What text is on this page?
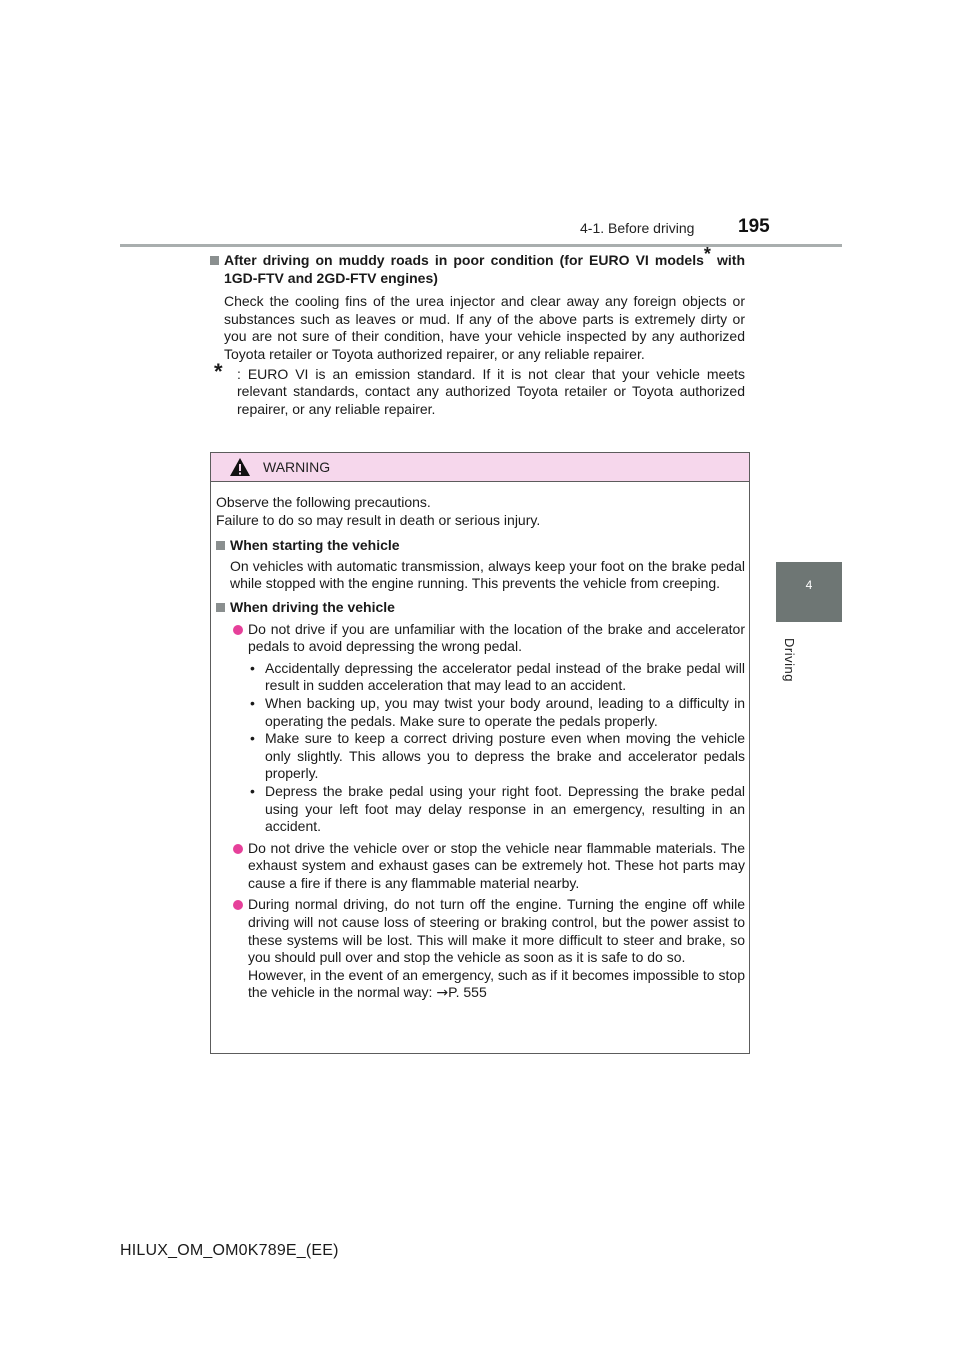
4-1. Before driving 195
4
Driving
After driving on muddy roads in poor condition (for EURO VI models* with 1GD-FTV and 2GD-FTV engines)
Check the cooling fins of the urea injector and clear away any foreign objects or substances such as leaves or mud. If any of the above parts is extremely dirty or you are not sure of their condition, have your vehicle inspected by any authorized Toyota retailer or Toyota authorized repairer, or any reliable repairer.
* : EURO VI is an emission standard. If it is not clear that your vehicle meets relevant standards, contact any authorized Toyota retailer or Toyota authorized repairer, or any reliable repairer.
WARNING
Observe the following precautions.
Failure to do so may result in death or serious injury.
When starting the vehicle
On vehicles with automatic transmission, always keep your foot on the brake pedal while stopped with the engine running. This prevents the vehicle from creeping.
When driving the vehicle
Do not drive if you are unfamiliar with the location of the brake and accelerator pedals to avoid depressing the wrong pedal.
• Accidentally depressing the accelerator pedal instead of the brake pedal will result in sudden acceleration that may lead to an accident.
• When backing up, you may twist your body around, leading to a difficulty in operating the pedals. Make sure to operate the pedals properly.
• Make sure to keep a correct driving posture even when moving the vehicle only slightly. This allows you to depress the brake and accelerator pedals properly.
• Depress the brake pedal using your right foot. Depressing the brake pedal using your left foot may delay response in an emergency, resulting in an accident.
Do not drive the vehicle over or stop the vehicle near flammable materials. The exhaust system and exhaust gases can be extremely hot. These hot parts may cause a fire if there is any flammable material nearby.
During normal driving, do not turn off the engine. Turning the engine off while driving will not cause loss of steering or braking control, but the power assist to these systems will be lost. This will make it more difficult to steer and brake, so you should pull over and stop the vehicle as soon as it is safe to do so.
However, in the event of an emergency, such as if it becomes impossible to stop the vehicle in the normal way: →P. 555
HILUX_OM_OM0K789E_(EE)
